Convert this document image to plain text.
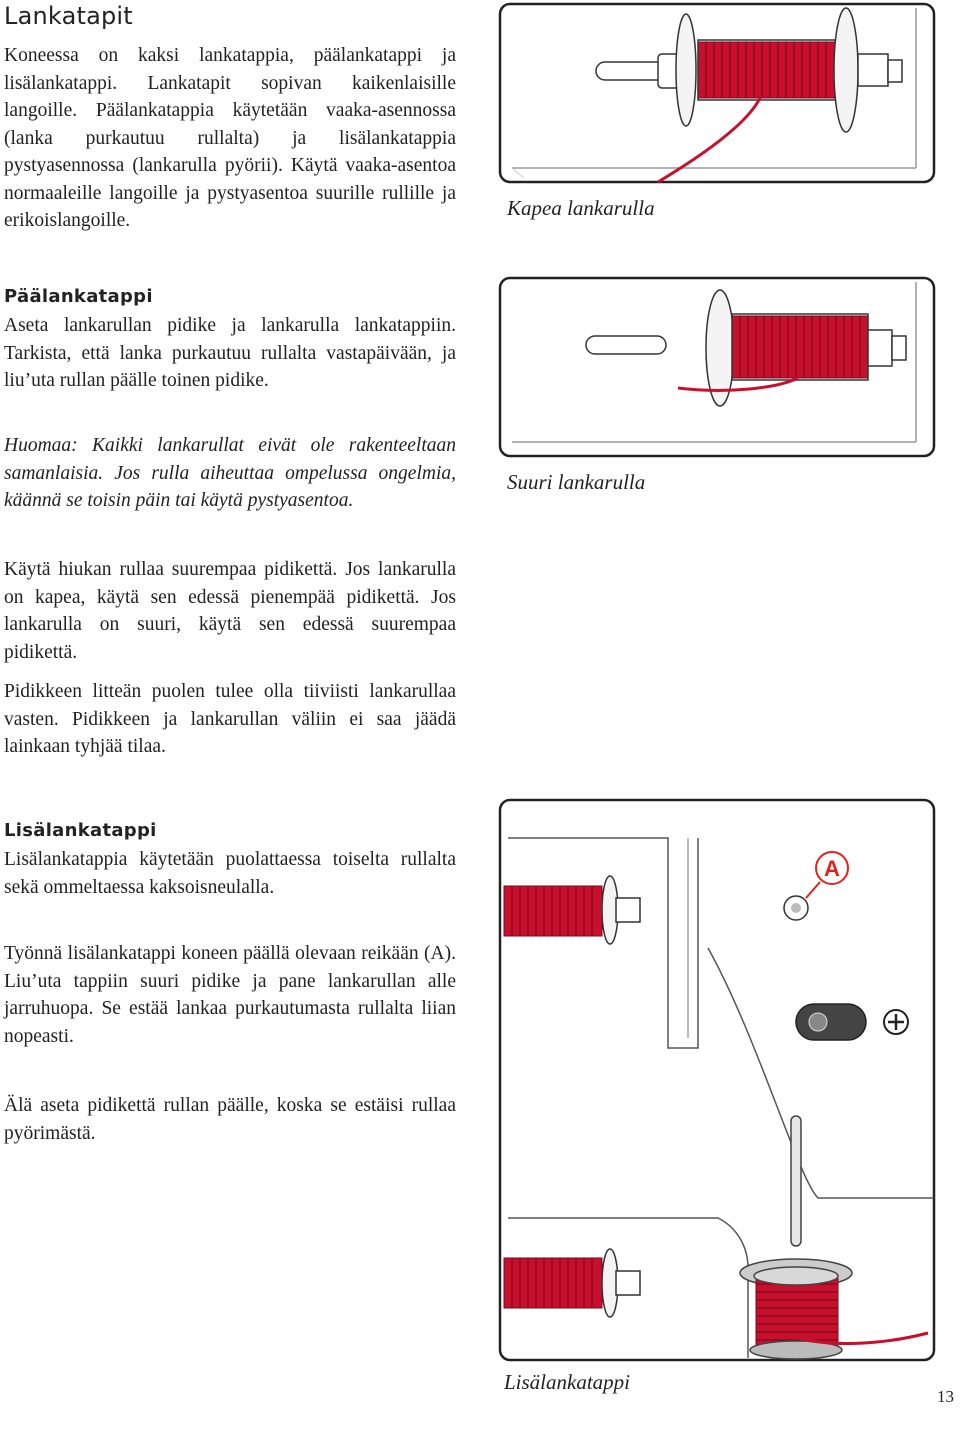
Lankatapit

Koneessa on kaksi lankatappia, päälankatappi ja lisälankatappi. Lankatapit sopivan kaikenlaisille langoille. Päälankatappia käytetään vaaka-asennossa (lanka purkautuu rullalta) ja lisälankatappia pystyasennossa (lankarulla pyörii). Käytä vaaka-asentoa normaaleille langoille ja pystyasentoa suurille rullille ja erikoislangoille.

Päälankatappi

Aseta lankarullan pidike ja lankarulla lankatappiin. Tarkista, että lanka purkautuu rullalta vastapäivään, ja liu’uta rullan päälle toinen pidike.

Huomaa: Kaikki lankarullat eivät ole rakenteeltaan samanlaisia. Jos rulla aiheuttaa ompelussa ongelmia, käännä se toisin päin tai käytä pystyasentoa.

Käytä hiukan rullaa suurempaa pidikettä. Jos lankarulla on kapea, käytä sen edessä pienempää pidikettä. Jos lankarulla on suuri, käytä sen edessä suurempaa pidikettä.

Pidikkeen litteän puolen tulee olla tiiviisti lankarullaa vasten. Pidikkeen ja lankarullan väliin ei saa jäädä lainkaan tyhjää tilaa.

Lisälankatappi

Lisälankatappia käytetään puolattaessa toiselta rullalta sekä ommeltaessa kaksoisneulalla.

Työnnä lisälankatappi koneen päällä olevaan reikään (A). Liu’uta tappiin suuri pidike ja pane lankarullan alle jarruhuopa. Se estää lankaa purkautumasta rullalta liian nopeasti.

Älä aseta pidikettä rullan päälle, koska se estäisi rullaa pyörimästä.

Kapea lankarulla
Suuri lankarulla
A
Lisälankatappi
13
